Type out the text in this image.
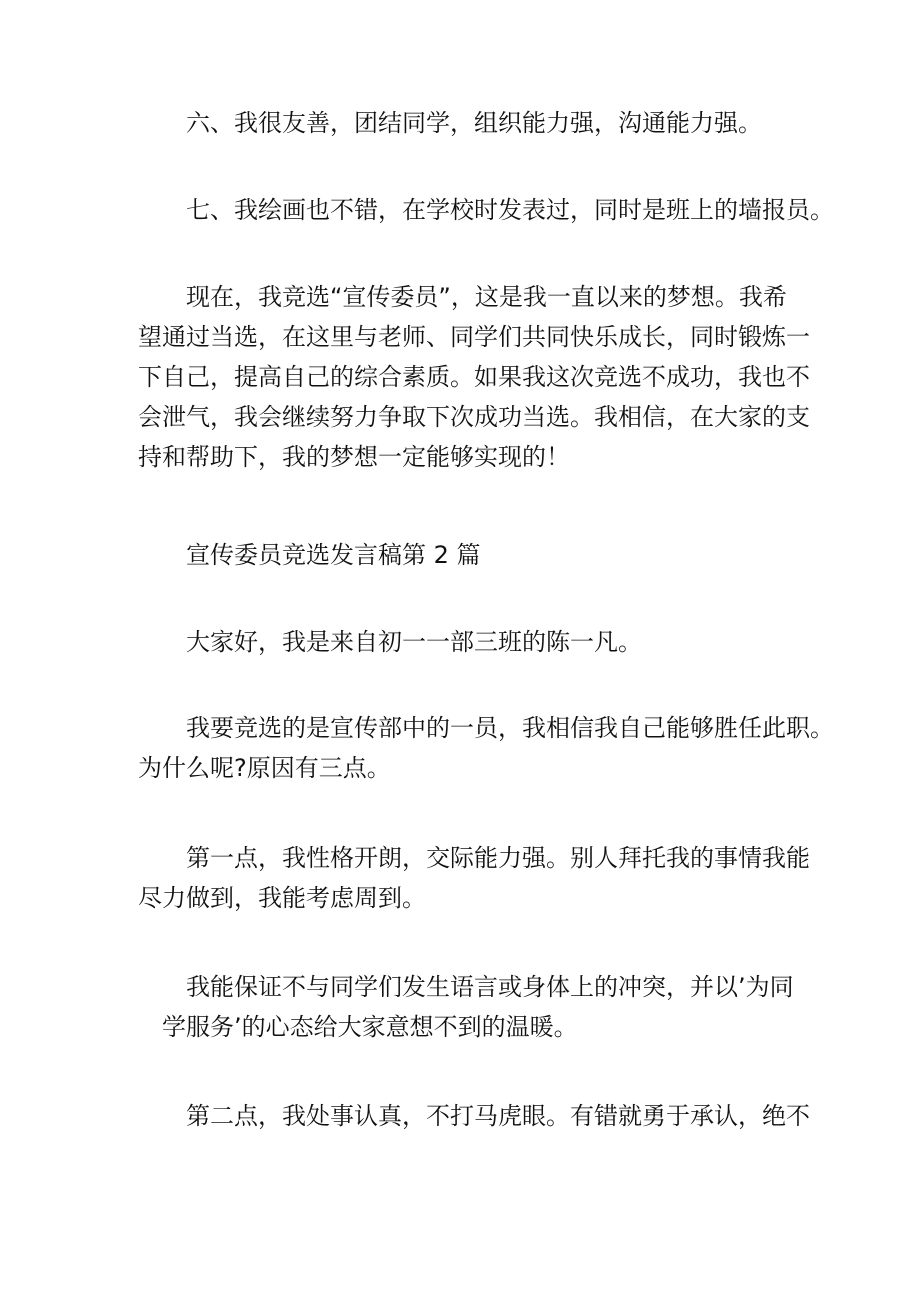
　　六、我很友善，团结同学，组织能力强，沟通能力强。

　　七、我绘画也不错，在学校时发表过，同时是班上的墙报员。

　　现在，我竞选“宣传委员”，这是我一直以来的梦想。我希
望通过当选，在这里与老师、同学们共同快乐成长，同时锻炼一
下自己，提高自己的综合素质。如果我这次竞选不成功，我也不
会泄气，我会继续努力争取下次成功当选。我相信，在大家的支
持和帮助下，我的梦想一定能够实现的！

　　宣传委员竞选发言稿第 2 篇

　　大家好，我是来自初一一部三班的陈一凡。

　　我要竞选的是宣传部中的一员，我相信我自己能够胜任此职。
为什么呢?原因有三点。

　　第一点，我性格开朗，交际能力强。别人拜托我的事情我能
尽力做到，我能考虑周到。

　　我能保证不与同学们发生语言或身体上的冲突，并以’为同
　学服务’的心态给大家意想不到的温暖。

　　第二点，我处事认真，不打马虎眼。有错就勇于承认，绝不
